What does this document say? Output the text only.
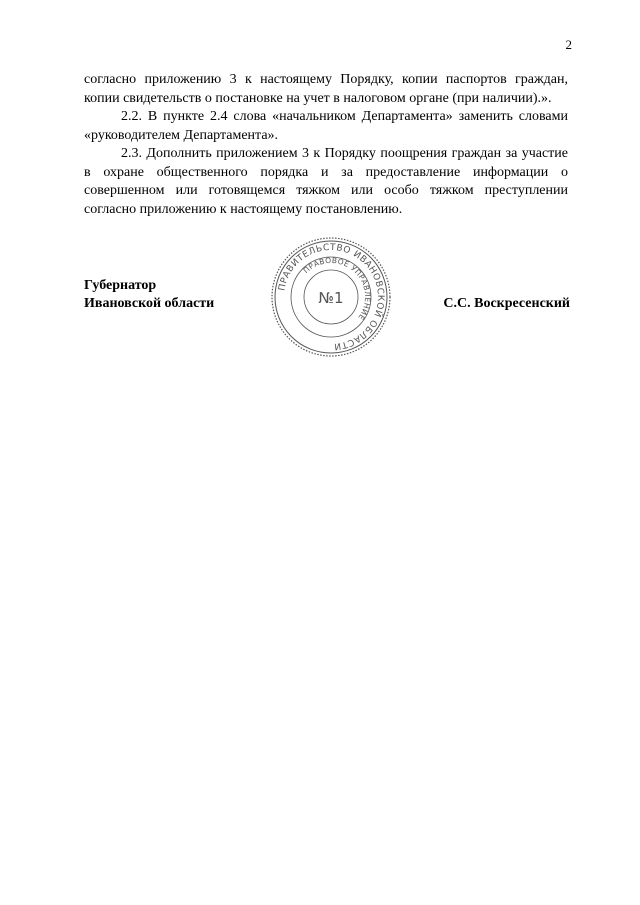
2

согласно приложению 3 к настоящему Порядку, копии паспортов граждан, копии свидетельств о постановке на учет в налоговом органе (при наличии).».

2.2. В пункте 2.4 слова «начальником Департамента» заменить словами «руководителем Департамента».

2.3. Дополнить приложением 3 к Порядку поощрения граждан за участие в охране общественного порядка и за предоставление информации о совершенном или готовящемся тяжком или особо тяжком преступлении согласно приложению к настоящему постановлению.

Губернатор
Ивановской области	С.С. Воскресенский
ПРАВИТЕЛЬСТВО ИВАНОВСКОЙ ОБЛАСТИ
ПРАВОВОЕ УПРАВЛЕНИЕ
№1
